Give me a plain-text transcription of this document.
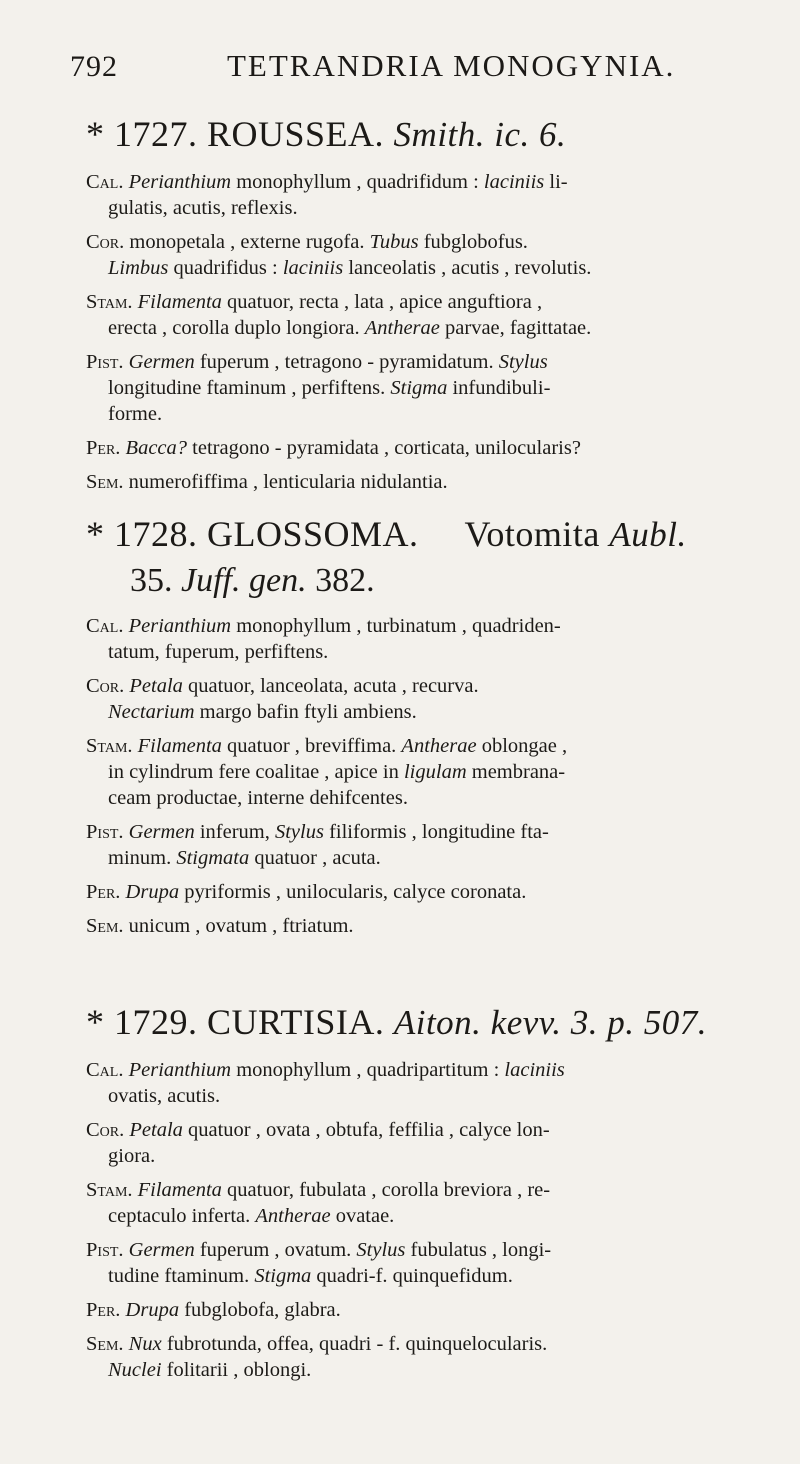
792	TETRANDRIA MONOGYNIA.
* 1727. ROUSSEA. Smith. ic. 6.
Cal. Perianthium monophyllum , quadrifidum : laciniis li-
gulatis, acutis, reflexis.
Cor. monopetala , externe rugofa. Tubus fubglobofus.
Limbus quadrifidus : laciniis lanceolatis , acutis , revolutis.
Stam. Filamenta quatuor, recta , lata , apice anguftiora ,
erecta , corolla duplo longiora. Antherae parvae, fagittatae.
Pist. Germen fuperum , tetragono - pyramidatum. Stylus
longitudine ftaminum , perfiftens. Stigma infundibuli-
forme.
Per. Bacca? tetragono - pyramidata , corticata, unilocularis?
Sem. numerofiffima , lenticularia nidulantia.
* 1728. GLOSSOMA. Votomita Aubl.
35. Juff. gen. 382.
Cal. Perianthium monophyllum , turbinatum , quadriden-
tatum, fuperum, perfiftens.
Cor. Petala quatuor, lanceolata, acuta , recurva.
Nectarium margo bafin ftyli ambiens.
Stam. Filamenta quatuor , breviffima. Antherae oblongae ,
in cylindrum fere coalitae , apice in ligulam membrana-
ceam productae, interne dehifcentes.
Pist. Germen inferum, Stylus filiformis , longitudine fta-
minum. Stigmata quatuor , acuta.
Per. Drupa pyriformis , unilocularis, calyce coronata.
Sem. unicum , ovatum , ftriatum.
* 1729. CURTISIA. Aiton. kevv. 3. p. 507.
Cal. Perianthium monophyllum , quadripartitum : laciniis
ovatis, acutis.
Cor. Petala quatuor , ovata , obtufa, feffilia , calyce lon-
giora.
Stam. Filamenta quatuor, fubulata , corolla breviora , re-
ceptaculo inferta. Antherae ovatae.
Pist. Germen fuperum , ovatum. Stylus fubulatus , longi-
tudine ftaminum. Stigma quadri-f. quinquefidum.
Per. Drupa fubglobofa, glabra.
Sem. Nux fubrotunda, offea, quadri - f. quinquelocularis.
Nuclei folitarii , oblongi.
